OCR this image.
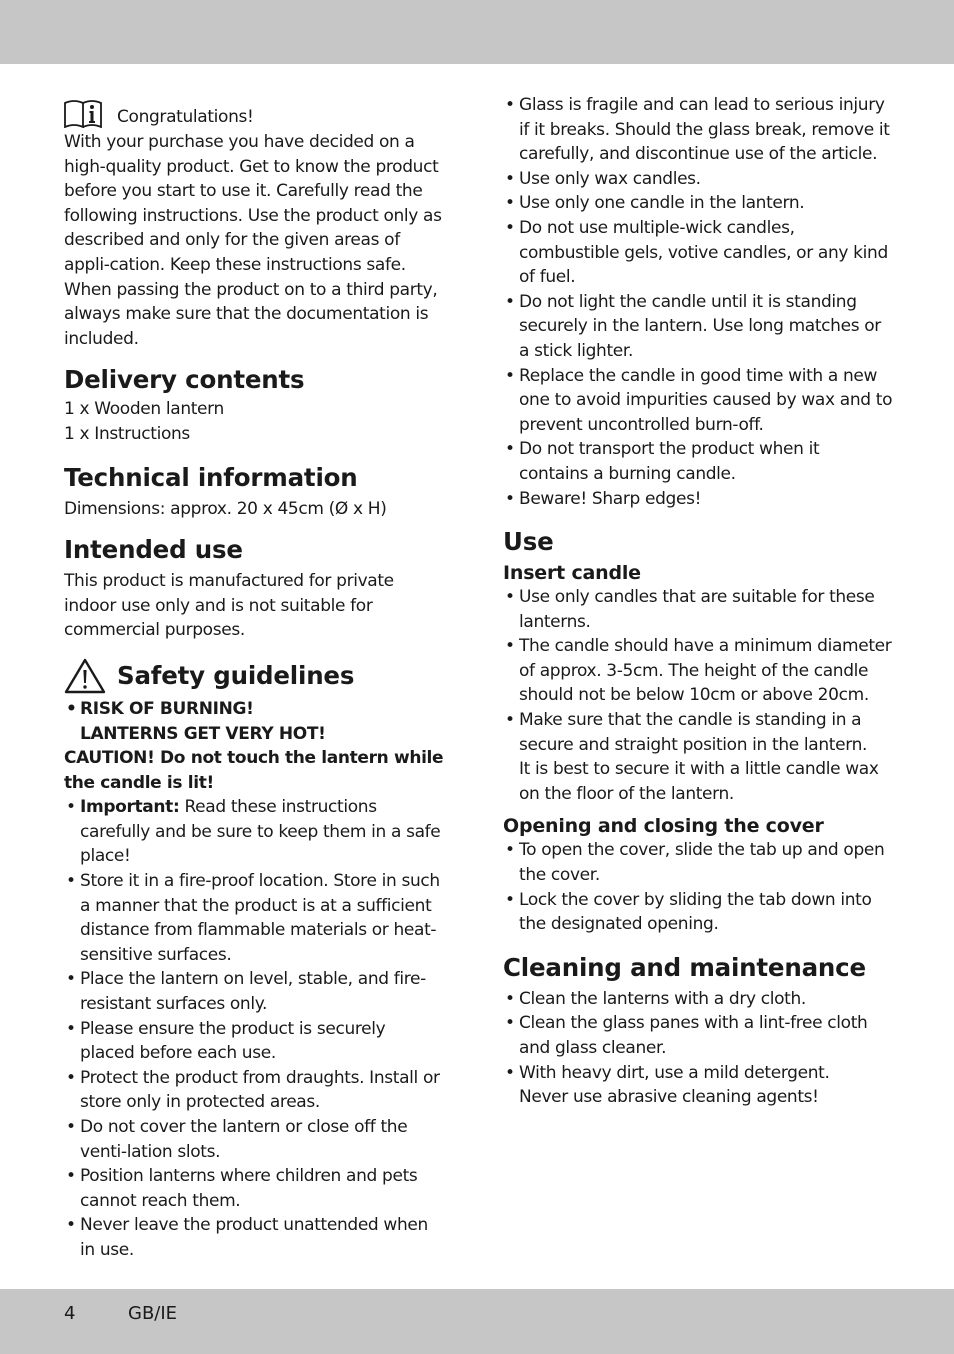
Congratulations!

With your purchase you have decided on a high-quality product. Get to know the product before you start to use it. Carefully read the following instructions. Use the product only as described and only for the given areas of appli-cation. Keep these instructions safe.

When passing the product on to a third party, always make sure that the documentation is included.

Delivery contents

1 x Wooden lantern

1 x Instructions

Technical information

Dimensions: approx. 20 x 45cm (Ø x H)

Intended use

This product is manufactured for private indoor use only and is not suitable for commercial purposes.

Safety guidelines
• RISK OF BURNING!
LANTERNS GET VERY HOT!

CAUTION! Do not touch the lantern while the candle is lit!

• Important: Read these instructions carefully and be sure to keep them in a safe place!
• Store it in a fire-proof location. Store in such a manner that the product is at a sufficient distance from flammable materials or heat-sensitive surfaces.
• Place the lantern on level, stable, and fire-resistant surfaces only.
• Please ensure the product is securely placed before each use.
• Protect the product from draughts. Install or store only in protected areas.
• Do not cover the lantern or close off the venti-lation slots.
• Position lanterns where children and pets cannot reach them.
• Never leave the product unattended when in use.
• Glass is fragile and can lead to serious injury if it breaks. Should the glass break, remove it carefully, and discontinue use of the article.
• Use only wax candles.
• Use only one candle in the lantern.
• Do not use multiple-wick candles, combustible gels, votive candles, or any kind of fuel.
• Do not light the candle until it is standing securely in the lantern. Use long matches or a stick lighter.
• Replace the candle in good time with a new one to avoid impurities caused by wax and to prevent uncontrolled burn-off.
• Do not transport the product when it contains a burning candle.
• Beware! Sharp edges!
Use
Insert candle
• Use only candles that are suitable for these lanterns.
• The candle should have a minimum diameter of approx. 3-5cm. The height of the candle should not be below 10cm or above 20cm.
• Make sure that the candle is standing in a secure and straight position in the lantern.

It is best to secure it with a little candle wax on the floor of the lantern.

Opening and closing the cover
• To open the cover, slide the tab up and open the cover.
• Lock the cover by sliding the tab down into the designated opening.
Cleaning and maintenance
• Clean the lanterns with a dry cloth.
• Clean the glass panes with a lint-free cloth and glass cleaner.
• With heavy dirt, use a mild detergent.

Never use abrasive cleaning agents!

4	GB/IE
